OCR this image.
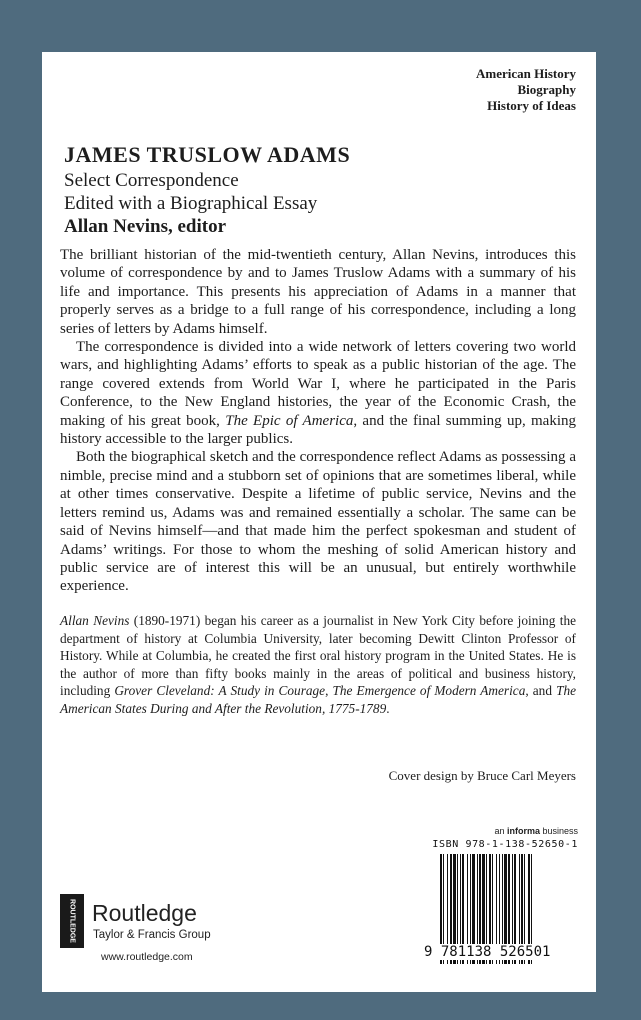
American History
Biography
History of Ideas
JAMES TRUSLOW ADAMS
Select Correspondence
Edited with a Biographical Essay
Allan Nevins, editor

The brilliant historian of the mid-twentieth century, Allan Nevins, introduces this volume of correspondence by and to James Truslow Adams with a summary of his life and importance. This presents his appreciation of Adams in a manner that properly serves as a bridge to a full range of his correspondence, including a long series of letters by Adams himself.

The correspondence is divided into a wide network of letters covering two world wars, and highlighting Adams’ efforts to speak as a public historian of the age. The range covered extends from World War I, where he participated in the Paris Conference, to the New England histories, the year of the Economic Crash, the making of his great book, The Epic of America, and the final summing up, making history accessible to the larger publics.

Both the biographical sketch and the correspondence reflect Adams as possessing a nimble, precise mind and a stubborn set of opinions that are sometimes liberal, while at other times conservative. Despite a lifetime of public service, Nevins and the letters remind us, Adams was and remained essentially a scholar. The same can be said of Nevins himself—and that made him the perfect spokesman and student of Adams’ writings. For those to whom the meshing of solid American history and public service are of interest this will be an unusual, but entirely worthwhile experience.

Allan Nevins (1890-1971) began his career as a journalist in New York City before joining the department of history at Columbia University, later becoming Dewitt Clinton Professor of History. While at Columbia, he created the first oral history program in the United States. He is the author of more than fifty books mainly in the areas of political and business history, including Grover Cleveland: A Study in Courage, The Emergence of Modern America, and The American States During and After the Revolution, 1775-1789.

Cover design by Bruce Carl Meyers
ROUTLEDGE Routledge
Taylor & Francis Group
www.routledge.com
an informa business
ISBN 978-1-138-52650-1
9 781138 526501
